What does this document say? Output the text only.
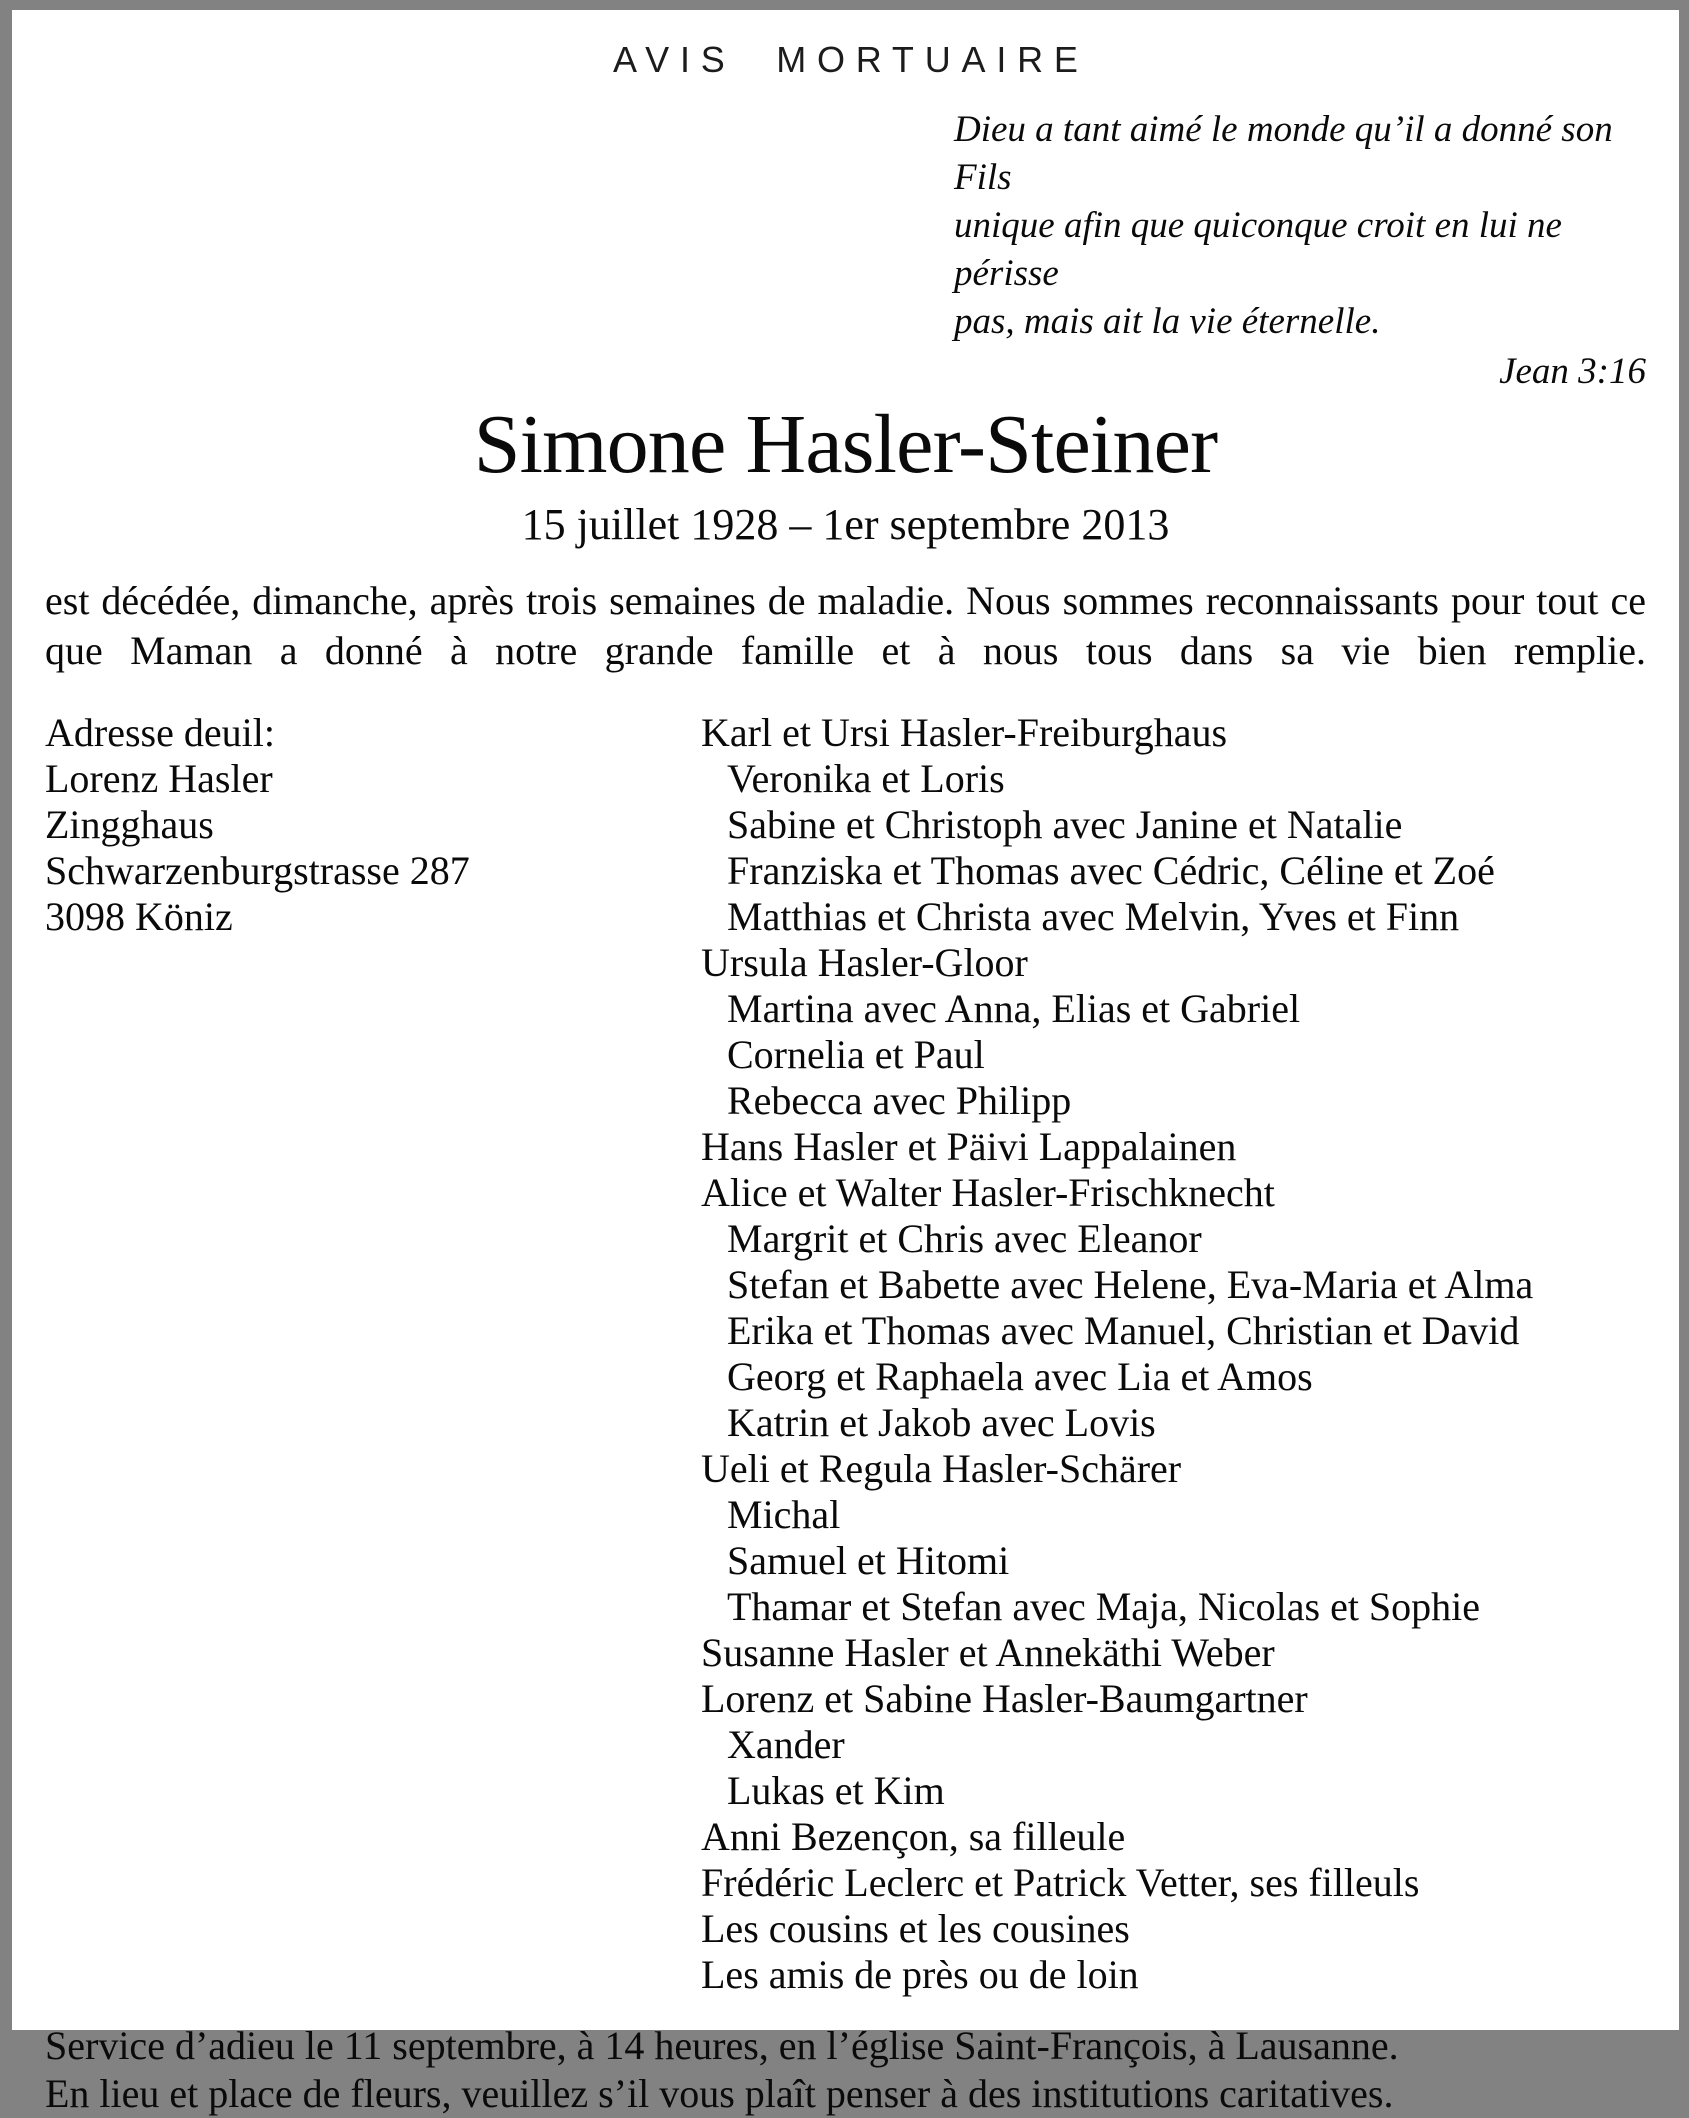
AVIS MORTUAIRE
Dieu a tant aimé le monde qu’il a donné son Fils
unique afin que quiconque croit en lui ne périsse
pas, mais ait la vie éternelle.
Jean 3:16
Simone Hasler-Steiner
15 juillet 1928 – 1er septembre 2013

est décédée, dimanche, après trois semaines de maladie. Nous sommes reconnaissants pour tout ce que Maman a donné à notre grande famille et à nous tous dans sa vie bien remplie.

Adresse deuil:
Lorenz Hasler
Zingghaus
Schwarzenburgstrasse 287
3098 Köniz
Karl et Ursi Hasler-Freiburghaus
Veronika et Loris
Sabine et Christoph avec Janine et Natalie
Franziska et Thomas avec Cédric, Céline et Zoé
Matthias et Christa avec Melvin, Yves et Finn
Ursula Hasler-Gloor
Martina avec Anna, Elias et Gabriel
Cornelia et Paul
Rebecca avec Philipp
Hans Hasler et Päivi Lappalainen
Alice et Walter Hasler-Frischknecht
Margrit et Chris avec Eleanor
Stefan et Babette avec Helene, Eva-Maria et Alma
Erika et Thomas avec Manuel, Christian et David
Georg et Raphaela avec Lia et Amos
Katrin et Jakob avec Lovis
Ueli et Regula Hasler-Schärer
Michal
Samuel et Hitomi
Thamar et Stefan avec Maja, Nicolas et Sophie
Susanne Hasler et Annekäthi Weber
Lorenz et Sabine Hasler-Baumgartner
Xander
Lukas et Kim
Anni Bezençon, sa filleule
Frédéric Leclerc et Patrick Vetter, ses filleuls
Les cousins et les cousines
Les amis de près ou de loin
Service d’adieu le 11 septembre, à 14 heures, en l’église Saint-François, à Lausanne.
En lieu et place de fleurs, veuillez s’il vous plaît penser à des institutions caritatives.
